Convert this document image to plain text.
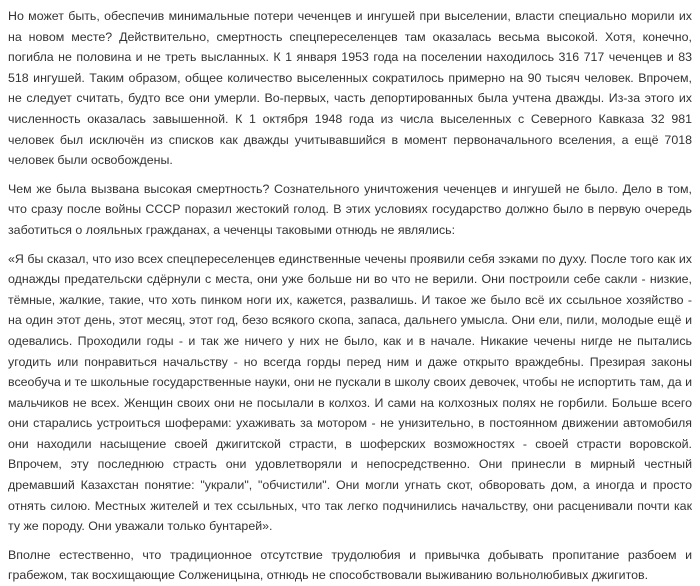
Но может быть, обеспечив минимальные потери чеченцев и ингушей при выселении, власти специально морили их на новом месте? Действительно, смертность спецпереселенцев там оказалась весьма высокой. Хотя, конечно, погибла не половина и не треть высланных. К 1 января 1953 года на поселении находилось 316 717 чеченцев и 83 518 ингушей. Таким образом, общее количество выселенных сократилось примерно на 90 тысяч человек. Впрочем, не следует считать, будто все они умерли. Во-первых, часть депортированных была учтена дважды. Из-за этого их численность оказалась завышенной. К 1 октября 1948 года из числа выселенных с Северного Кавказа 32 981 человек был исключён из списков как дважды учитывавшийся в момент первоначального вселения, а ещё 7018 человек были освобождены.

Чем же была вызвана высокая смертность? Сознательного уничтожения чеченцев и ингушей не было. Дело в том, что сразу после войны СССР поразил жестокий голод. В этих условиях государство должно было в первую очередь заботиться о лояльных гражданах, а чеченцы таковыми отнюдь не являлись:

«Я бы сказал, что изо всех спецпереселенцев единственные чечены проявили себя зэками по духу. После того как их однажды предательски сдёрнули с места, они уже больше ни во что не верили. Они построили себе сакли - низкие, тёмные, жалкие, такие, что хоть пинком ноги их, кажется, развалишь. И такое же было всё их ссыльное хозяйство - на один этот день, этот месяц, этот год, безо всякого скопа, запаса, дальнего умысла. Они ели, пили, молодые ещё и одевались. Проходили годы - и так же ничего у них не было, как и в начале. Никакие чечены нигде не пытались угодить или понравиться начальству - но всегда горды перед ним и даже открыто враждебны. Презирая законы всеобуча и те школьные государственные науки, они не пускали в школу своих девочек, чтобы не испортить там, да и мальчиков не всех. Женщин своих они не посылали в колхоз. И сами на колхозных полях не горбили. Больше всего они старались устроиться шоферами: ухаживать за мотором - не унизительно, в постоянном движении автомобиля они находили насыщение своей джигитской страсти, в шоферских возможностях - своей страсти воровской. Впрочем, эту последнюю страсть они удовлетворяли и непосредственно. Они принесли в мирный честный дремавший Казахстан понятие: "украли", "обчистили". Они могли угнать скот, обворовать дом, а иногда и просто отнять силою. Местных жителей и тех ссыльных, что так легко подчинились начальству, они расценивали почти как ту же породу. Они уважали только бунтарей».

Вполне естественно, что традиционное отсутствие трудолюбия и привычка добывать пропитание разбоем и грабежом, так восхищающие Солженицына, отнюдь не способствовали выживанию вольнолюбивых джигитов.
